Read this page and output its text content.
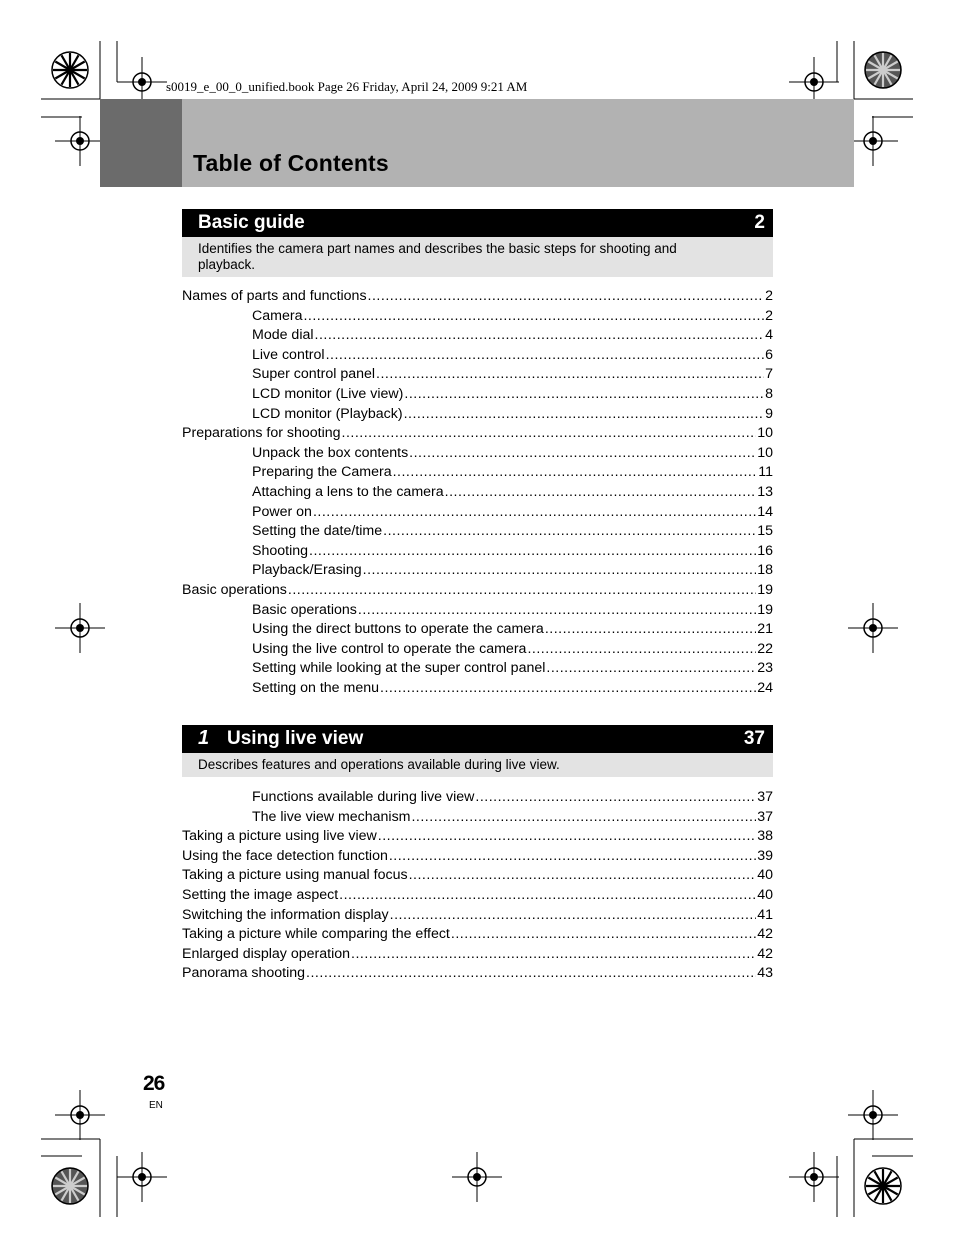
s0019_e_00_0_unified.book Page 26 Friday, April 24, 2009 9:21 AM
Table of Contents
Basic guide	2
Identifies the camera part names and describes the basic steps for shooting and playback.
Names of parts and functions .....	2
Camera .....	2
Mode dial .....	4
Live control .....	6
Super control panel .....	7
LCD monitor (Live view) .....	8
LCD monitor (Playback) .....	9
Preparations for shooting .....	10
Unpack the box contents .....	10
Preparing the Camera .....	11
Attaching a lens to the camera .....	13
Power on .....	14
Setting the date/time .....	15
Shooting .....	16
Playback/Erasing .....	18
Basic operations .....	19
Basic operations .....	19
Using the direct buttons to operate the camera .....	21
Using the live control to operate the camera .....	22
Setting while looking at the super control panel .....	23
Setting on the menu .....	24
1 Using live view	37
Describes features and operations available during live view.
Functions available during live view .....	37
The live view mechanism .....	37
Taking a picture using live view .....	38
Using the face detection function .....	39
Taking a picture using manual focus .....	40
Setting the image aspect .....	40
Switching the information display .....	41
Taking a picture while comparing the effect .....	42
Enlarged display operation .....	42
Panorama shooting .....	43
26
EN
